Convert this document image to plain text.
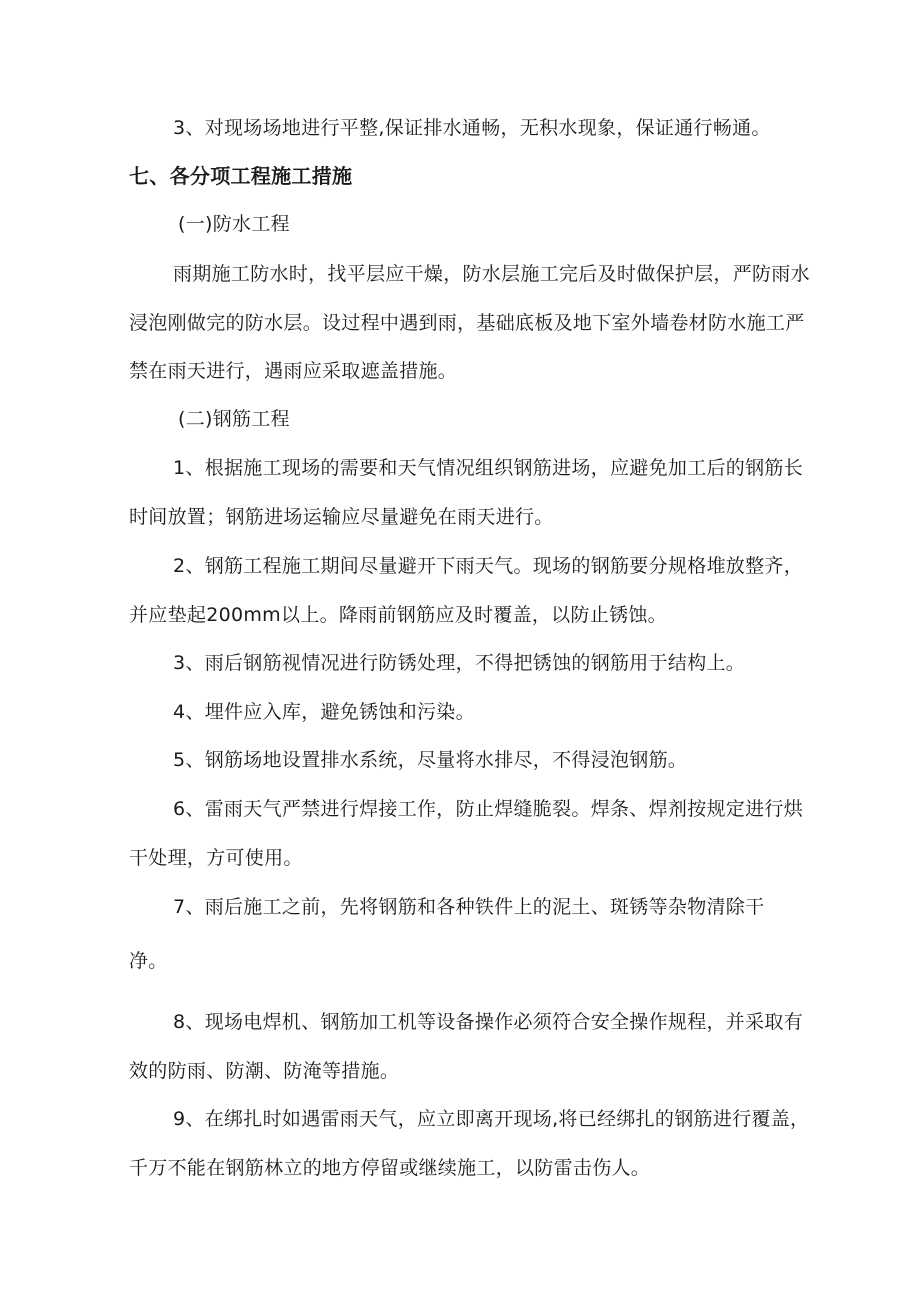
3、对现场场地进行平整,保证排水通畅，无积水现象，保证通行畅通。
七、各分项工程施工措施
(一)防水工程
雨期施工防水时，找平层应干燥，防水层施工完后及时做保护层，严防雨水
浸泡刚做完的防水层。设过程中遇到雨，基础底板及地下室外墙卷材防水施工严
禁在雨天进行，遇雨应采取遮盖措施。
(二)钢筋工程
1、根据施工现场的需要和天气情况组织钢筋进场，应避免加工后的钢筋长
时间放置；钢筋进场运输应尽量避免在雨天进行。
2、钢筋工程施工期间尽量避开下雨天气。现场的钢筋要分规格堆放整齐，
并应垫起200mm以上。降雨前钢筋应及时覆盖，以防止锈蚀。
3、雨后钢筋视情况进行防锈处理，不得把锈蚀的钢筋用于结构上。
4、埋件应入库，避免锈蚀和污染。
5、钢筋场地设置排水系统，尽量将水排尽，不得浸泡钢筋。
6、雷雨天气严禁进行焊接工作，防止焊缝脆裂。焊条、焊剂按规定进行烘
干处理，方可使用。
7、雨后施工之前，先将钢筋和各种铁件上的泥土、斑锈等杂物清除干
净。
8、现场电焊机、钢筋加工机等设备操作必须符合安全操作规程，并采取有
效的防雨、防潮、防淹等措施。
9、在绑扎时如遇雷雨天气，应立即离开现场,将已经绑扎的钢筋进行覆盖，
千万不能在钢筋林立的地方停留或继续施工，以防雷击伤人。
